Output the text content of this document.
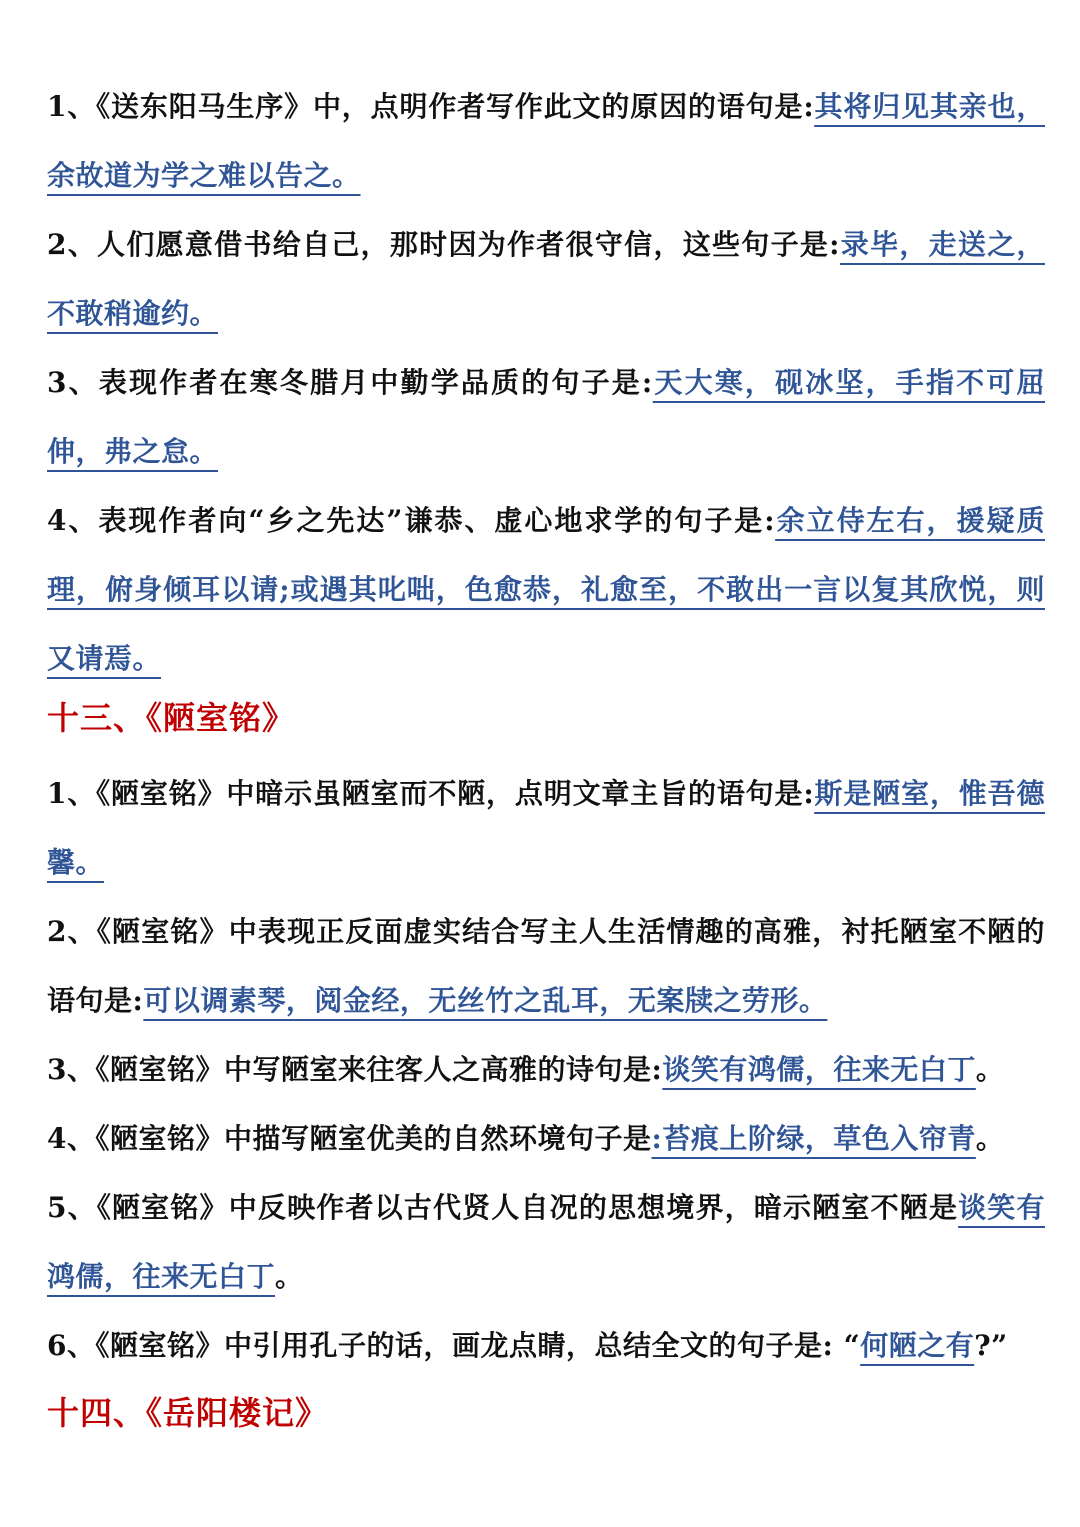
1、《送东阳马生序》中，点明作者写作此文的原因的语句是:其将归见其亲也，余故道为学之难以告之。

2、人们愿意借书给自己，那时因为作者很守信，这些句子是:录毕，走送之，不敢稍逾约。

3、表现作者在寒冬腊月中勤学品质的句子是:天大寒，砚冰坚，手指不可屈伸，弗之怠。

4、表现作者向“乡之先达”谦恭、虚心地求学的句子是:余立侍左右，援疑质理，俯身倾耳以请;或遇其叱咄，色愈恭，礼愈至，不敢出一言以复其欣悦，则又请焉。

十三、《陋室铭》

1、《陋室铭》中暗示虽陋室而不陋，点明文章主旨的语句是:斯是陋室，惟吾德馨。

2、《陋室铭》中表现正反面虚实结合写主人生活情趣的高雅，衬托陋室不陋的语句是:可以调素琴，阅金经，无丝竹之乱耳，无案牍之劳形。

3、《陋室铭》中写陋室来往客人之高雅的诗句是:谈笑有鸿儒，往来无白丁。

4、《陋室铭》中描写陋室优美的自然环境句子是:苔痕上阶绿，草色入帘青。

5、《陋室铭》中反映作者以古代贤人自况的思想境界，暗示陋室不陋是谈笑有鸿儒，往来无白丁。

6、《陋室铭》中引用孔子的话，画龙点睛，总结全文的句子是: “何陋之有?”

十四、《岳阳楼记》
